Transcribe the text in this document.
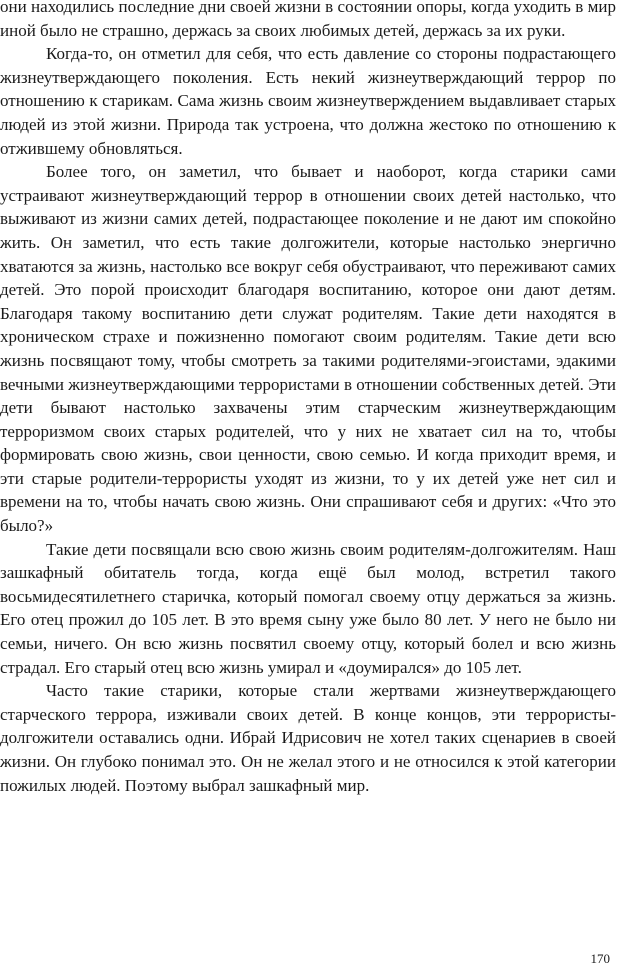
они находились последние дни своей жизни в состоянии опоры, когда уходить в мир иной было не страшно, держась за своих любимых детей, держась за их руки.

Когда-то, он отметил для себя, что есть давление со стороны подрастающего жизнеутверждающего поколения. Есть некий жизнеутверждающий террор по отношению к старикам. Сама жизнь своим жизнеутверждением выдавливает старых людей из этой жизни. Природа так устроена, что должна жестоко по отношению к отжившему обновляться.

Более того, он заметил, что бывает и наоборот, когда старики сами устраивают жизнеутверждающий террор в отношении своих детей настолько, что выживают из жизни самих детей, подрастающее поколение и не дают им спокойно жить. Он заметил, что есть такие долгожители, которые настолько энергично хватаются за жизнь, настолько все вокруг себя обустраивают, что переживают самих детей. Это порой происходит благодаря воспитанию, которое они дают детям. Благодаря такому воспитанию дети служат родителям. Такие дети находятся в хроническом страхе и пожизненно помогают своим родителям. Такие дети всю жизнь посвящают тому, чтобы смотреть за такими родителями-эгоистами, эдакими вечными жизнеутверждающими террористами в отношении собственных детей. Эти дети бывают настолько захвачены этим старческим жизнеутверждающим терроризмом своих старых родителей, что у них не хватает сил на то, чтобы формировать свою жизнь, свои ценности, свою семью. И когда приходит время, и эти старые родители-террористы уходят из жизни, то у их детей уже нет сил и времени на то, чтобы начать свою жизнь. Они спрашивают себя и других: «Что это было?»

Такие дети посвящали всю свою жизнь своим родителям-долгожителям. Наш зашкафный обитатель тогда, когда ещё был молод, встретил такого восьмидесятилетнего старичка, который помогал своему отцу держаться за жизнь. Его отец прожил до 105 лет. В это время сыну уже было 80 лет. У него не было ни семьи, ничего. Он всю жизнь посвятил своему отцу, который болел и всю жизнь страдал. Его старый отец всю жизнь умирал и «доумирался» до 105 лет.

Часто такие старики, которые стали жертвами жизнеутверждающего старческого террора, изживали своих детей. В конце концов, эти террористы-долгожители оставались одни. Ибрай Идрисович не хотел таких сценариев в своей жизни. Он глубоко понимал это. Он не желал этого и не относился к этой категории пожилых людей. Поэтому выбрал зашкафный мир.

170
